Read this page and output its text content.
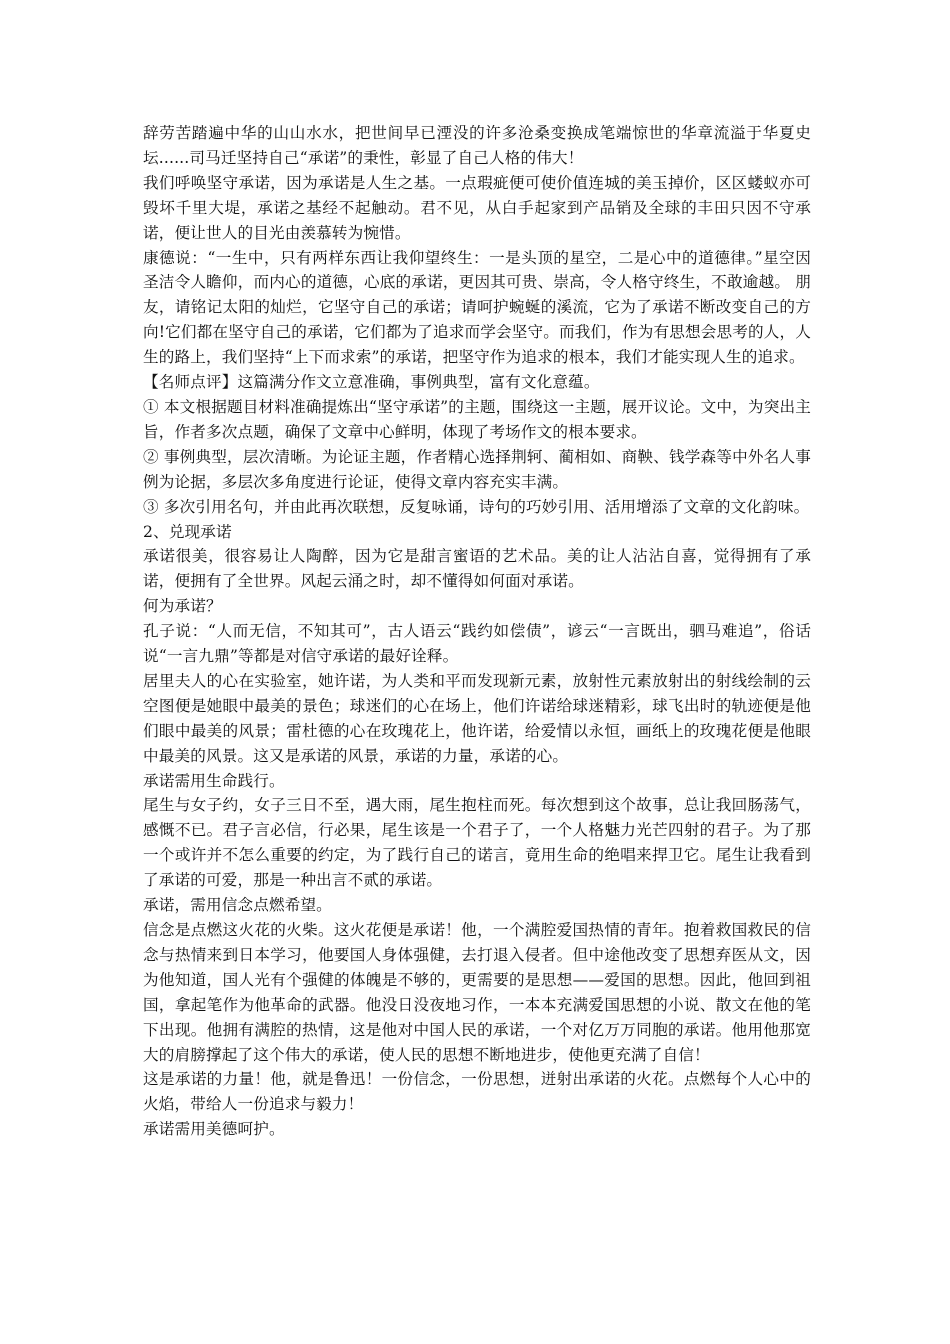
辞劳苦踏遍中华的山山水水，把世间早已湮没的许多沧桑变换成笔端惊世的华章流溢于华夏史坛......司马迁坚持自己“承诺”的秉性，彰显了自己人格的伟大！

我们呼唤坚守承诺，因为承诺是人生之基。一点瑕疵便可使价值连城的美玉掉价，区区蝼蚁亦可毁坏千里大堤，承诺之基经不起触动。君不见，从白手起家到产品销及全球的丰田只因不守承诺，便让世人的目光由羡慕转为惋惜。

康德说：“一生中，只有两样东西让我仰望终生：一是头顶的星空，二是心中的道德律。”星空因圣洁令人瞻仰，而内心的道德，心底的承诺，更因其可贵、崇高，令人格守终生，不敢逾越。 朋友，请铭记太阳的灿烂，它坚守自己的承诺；请呵护蜿蜒的溪流，它为了承诺不断改变自己的方向!它们都在坚守自己的承诺，它们都为了追求而学会坚守。而我们，作为有思想会思考的人，人生的路上，我们坚持“上下而求索”的承诺，把坚守作为追求的根本，我们才能实现人生的追求。

【名师点评】这篇满分作文立意准确，事例典型，富有文化意蕴。

① 本文根据题目材料准确提炼出“坚守承诺”的主题，围绕这一主题，展开议论。文中，为突出主旨，作者多次点题，确保了文章中心鲜明，体现了考场作文的根本要求。

② 事例典型，层次清晰。为论证主题，作者精心选择荆轲、蔺相如、商鞅、钱学森等中外名人事例为论据，多层次多角度进行论证，使得文章内容充实丰满。

③ 多次引用名句，并由此再次联想，反复咏诵，诗句的巧妙引用、活用增添了文章的文化韵味。

2、兑现承诺

承诺很美，很容易让人陶醉，因为它是甜言蜜语的艺术品。美的让人沾沾自喜，觉得拥有了承诺，便拥有了全世界。风起云涌之时，却不懂得如何面对承诺。

何为承诺？

孔子说：“人而无信，不知其可”，古人语云“践约如偿债”，谚云“一言既出，驷马难追”，俗话说“一言九鼎”等都是对信守承诺的最好诠释。

居里夫人的心在实验室，她许诺，为人类和平而发现新元素，放射性元素放射出的射线绘制的云空图便是她眼中最美的景色；球迷们的心在场上，他们许诺给球迷精彩，球飞出时的轨迹便是他们眼中最美的风景；雷杜德的心在玫瑰花上，他许诺，给爱情以永恒，画纸上的玫瑰花便是他眼中最美的风景。这又是承诺的风景，承诺的力量，承诺的心。

承诺需用生命践行。

尾生与女子约，女子三日不至，遇大雨，尾生抱柱而死。每次想到这个故事，总让我回肠荡气，感慨不已。君子言必信，行必果，尾生该是一个君子了，一个人格魅力光芒四射的君子。为了那一个或许并不怎么重要的约定，为了践行自己的诺言，竟用生命的绝唱来捍卫它。尾生让我看到了承诺的可爱，那是一种出言不贰的承诺。

承诺，需用信念点燃希望。

信念是点燃这火花的火柴。这火花便是承诺！他，一个满腔爱国热情的青年。抱着救国救民的信念与热情来到日本学习，他要国人身体强健，去打退入侵者。但中途他改变了思想弃医从文，因为他知道，国人光有个强健的体魄是不够的，更需要的是思想——爱国的思想。因此，他回到祖国，拿起笔作为他革命的武器。他没日没夜地习作，一本本充满爱国思想的小说、散文在他的笔下出现。他拥有满腔的热情，这是他对中国人民的承诺，一个对亿万万同胞的承诺。他用他那宽大的肩膀撑起了这个伟大的承诺，使人民的思想不断地进步，使他更充满了自信！

这是承诺的力量！他，就是鲁迅！一份信念，一份思想，迸射出承诺的火花。点燃每个人心中的火焰，带给人一份追求与毅力！

承诺需用美德呵护。
